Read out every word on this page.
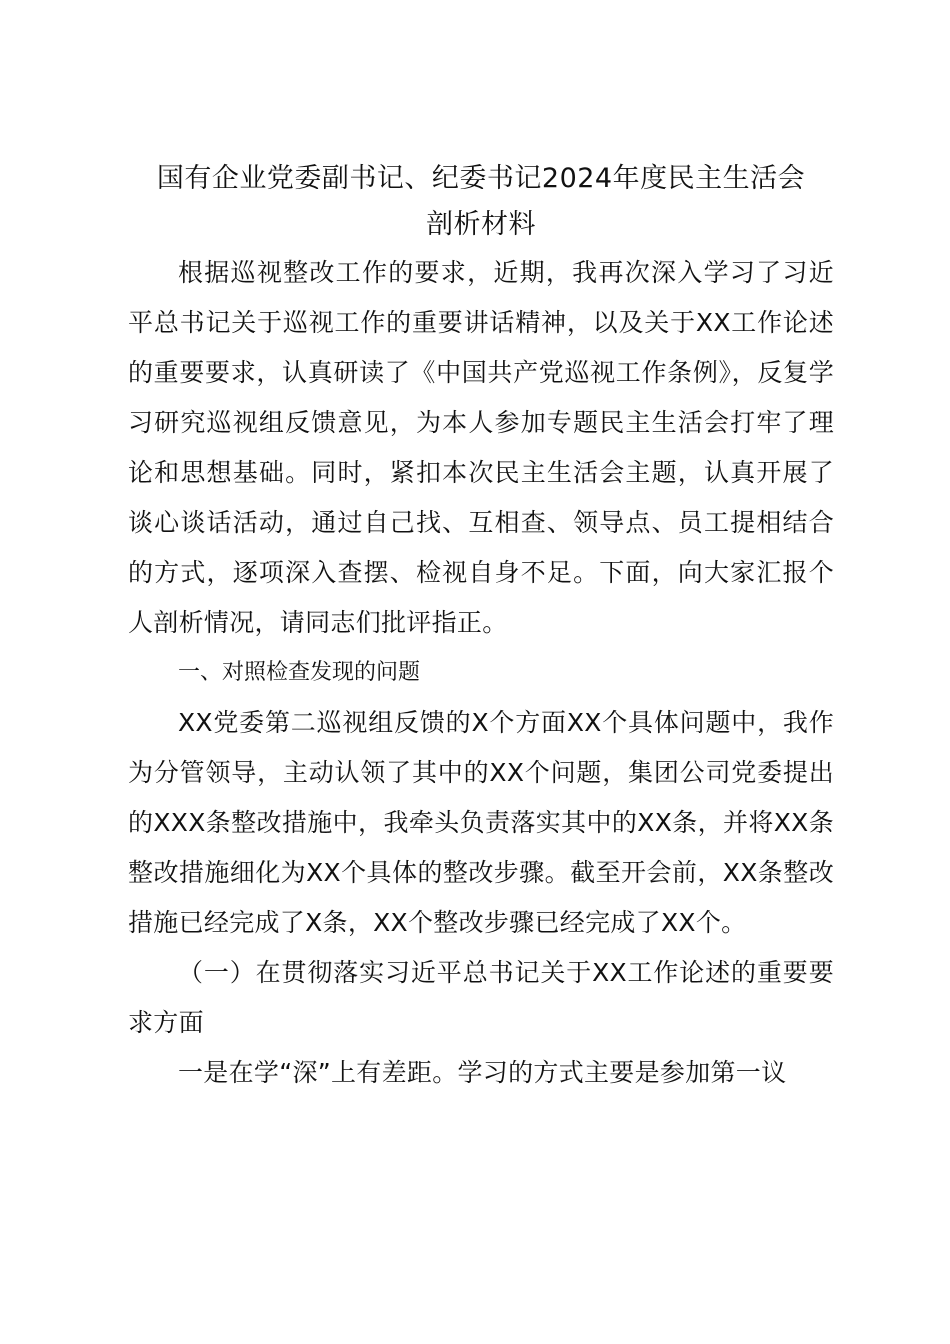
国有企业党委副书记、纪委书记2024年度民主生活会
剖析材料

根据巡视整改工作的要求，近期，我再次深入学习了习近平总书记关于巡视工作的重要讲话精神，以及关于XX工作论述的重要要求，认真研读了《中国共产党巡视工作条例》，反复学习研究巡视组反馈意见，为本人参加专题民主生活会打牢了理论和思想基础。同时，紧扣本次民主生活会主题，认真开展了谈心谈话活动，通过自己找、互相查、领导点、员工提相结合的方式，逐项深入查摆、检视自身不足。下面，向大家汇报个人剖析情况，请同志们批评指正。

一、对照检查发现的问题

XX党委第二巡视组反馈的X个方面XX个具体问题中，我作为分管领导，主动认领了其中的XX个问题，集团公司党委提出的XXX条整改措施中，我牵头负责落实其中的XX条，并将XX条整改措施细化为XX个具体的整改步骤。截至开会前，XX条整改措施已经完成了X条，XX个整改步骤已经完成了XX个。

（一）在贯彻落实习近平总书记关于XX工作论述的重要要求方面

一是在学“深”上有差距。学习的方式主要是参加第一议
